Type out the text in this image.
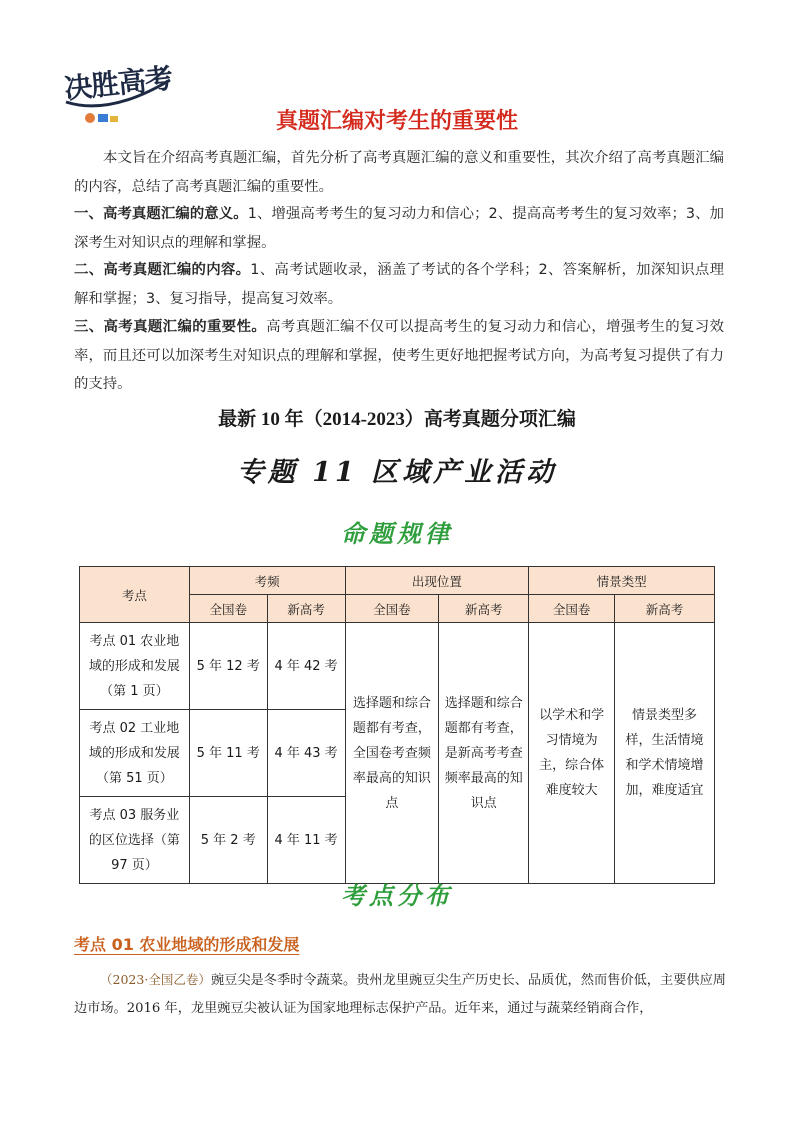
决胜高考
真题汇编对考生的重要性
本文旨在介绍高考真题汇编，首先分析了高考真题汇编的意义和重要性，其次介绍了高考真题汇编的内容，总结了高考真题汇编的重要性。
一、高考真题汇编的意义。1、增强高考考生的复习动力和信心；2、提高高考考生的复习效率；3、加深考生对知识点的理解和掌握。
二、高考真题汇编的内容。1、高考试题收录，涵盖了考试的各个学科；2、答案解析，加深知识点理解和掌握；3、复习指导，提高复习效率。
三、高考真题汇编的重要性。高考真题汇编不仅可以提高考生的复习动力和信心，增强考生的复习效率，而且还可以加深考生对知识点的理解和掌握，使考生更好地把握考试方向，为高考复习提供了有力的支持。
最新 10 年（2014-2023）高考真题分项汇编
专题 11 区域产业活动
命题规律
考点	考频		出现位置		情景类型	
	全国卷	新高考	全国卷	新高考	全国卷	新高考
考点 01 农业地域的形成和发展（第 1 页）	5 年 12 考	4 年 42 考	选择题和综合题都有考查，全国卷考查频率最高的知识点	选择题和综合题都有考查，是新高考考查频率最高的知识点	以学术和学习情境为主，综合体难度较大	情景类型多样，生活情境和学术情境增加，难度适宜
考点 02 工业地域的形成和发展（第 51 页）	5 年 11 考	4 年 43 考				
考点 03 服务业的区位选择（第 97 页）	5 年 2 考	4 年 11 考				
考点分布
考点 01 农业地域的形成和发展
（2023·全国乙卷）豌豆尖是冬季时令蔬菜。贵州龙里豌豆尖生产历史长、品质优，然而售价低，主要供应周边市场。2016 年，龙里豌豆尖被认证为国家地理标志保护产品。近年来，通过与蔬菜经销商合作，
